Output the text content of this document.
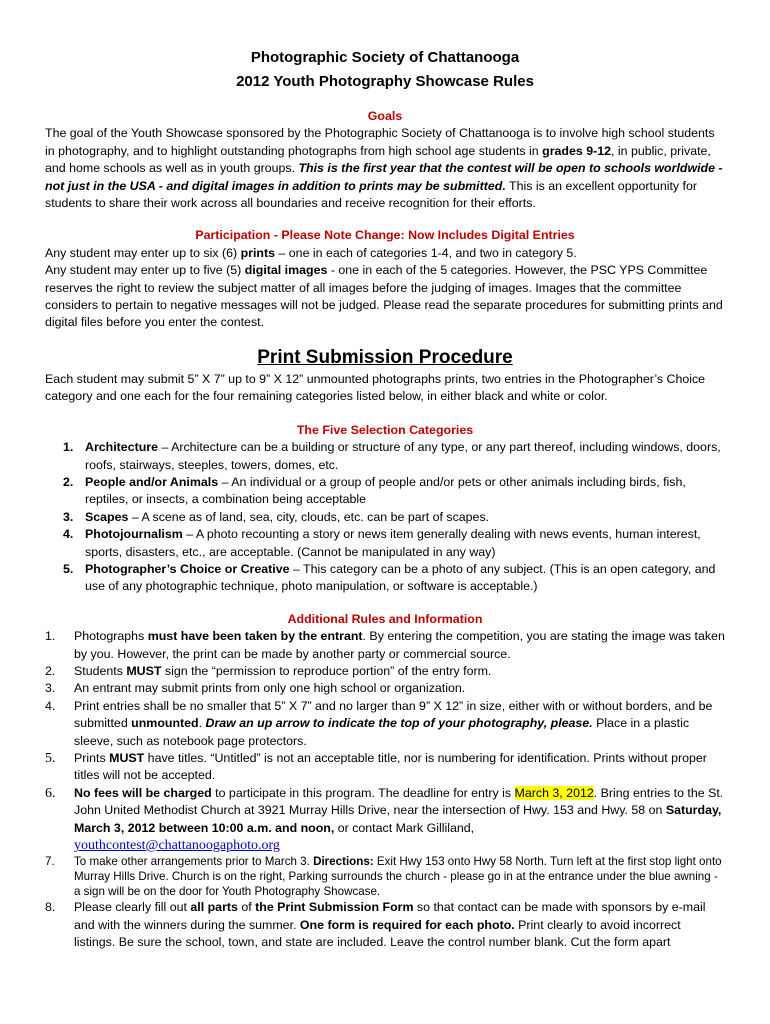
Photographic Society of Chattanooga

2012 Youth Photography Showcase Rules

Goals

The goal of the Youth Showcase sponsored by the Photographic Society of Chattanooga is to involve high school students in photography, and to highlight outstanding photographs from high school age students in grades 9-12, in public, private, and home schools as well as in youth groups. This is the first year that the contest will be open to schools worldwide - not just in the USA - and digital images in addition to prints may be submitted. This is an excellent opportunity for students to share their work across all boundaries and receive recognition for their efforts.

Participation - Please Note Change: Now Includes Digital Entries

Any student may enter up to six (6) prints – one in each of categories 1-4, and two in category 5.

Any student may enter up to five (5) digital images - one in each of the 5 categories. However, the PSC YPS Committee reserves the right to review the subject matter of all images before the judging of images. Images that the committee considers to pertain to negative messages will not be judged. Please read the separate procedures for submitting prints and digital files before you enter the contest.

Print Submission Procedure

Each student may submit 5” X 7” up to 9” X 12” unmounted photographs prints, two entries in the Photographer’s Choice category and one each for the four remaining categories listed below, in either black and white or color.

The Five Selection Categories

1. Architecture – Architecture can be a building or structure of any type, or any part thereof, including windows, doors, roofs, stairways, steeples, towers, domes, etc.
2. People and/or Animals – An individual or a group of people and/or pets or other animals including birds, fish, reptiles, or insects, a combination being acceptable
3. Scapes – A scene as of land, sea, city, clouds, etc. can be part of scapes.
4. Photojournalism – A photo recounting a story or news item generally dealing with news events, human interest, sports, disasters, etc., are acceptable. (Cannot be manipulated in any way)
5. Photographer’s Choice or Creative – This category can be a photo of any subject. (This is an open category, and use of any photographic technique, photo manipulation, or software is acceptable.)

Additional Rules and Information

1. Photographs must have been taken by the entrant. By entering the competition, you are stating the image was taken by you. However, the print can be made by another party or commercial source.
2. Students MUST sign the “permission to reproduce portion” of the entry form.
3. An entrant may submit prints from only one high school or organization.
4. Print entries shall be no smaller that 5” X 7” and no larger than 9” X 12” in size, either with or without borders, and be submitted unmounted. Draw an up arrow to indicate the top of your photography, please. Place in a plastic sleeve, such as notebook page protectors.
5. Prints MUST have titles. “Untitled” is not an acceptable title, nor is numbering for identification. Prints without proper titles will not be accepted.
6. No fees will be charged to participate in this program. The deadline for entry is March 3, 2012. Bring entries to the St. John United Methodist Church at 3921 Murray Hills Drive, near the intersection of Hwy. 153 and Hwy. 58 on Saturday, March 3, 2012 between 10:00 a.m. and noon, or contact Mark Gilliland,
youthcontest@chattanoogaphoto.org
7. To make other arrangements prior to March 3. Directions: Exit Hwy 153 onto Hwy 58 North. Turn left at the first stop light onto Murray Hills Drive. Church is on the right, Parking surrounds the church - please go in at the entrance under the blue awning - a sign will be on the door for Youth Photography Showcase.
8. Please clearly fill out all parts of the Print Submission Form so that contact can be made with sponsors by e-mail and with the winners during the summer. One form is required for each photo. Print clearly to avoid incorrect listings. Be sure the school, town, and state are included. Leave the control number blank. Cut the form apart
